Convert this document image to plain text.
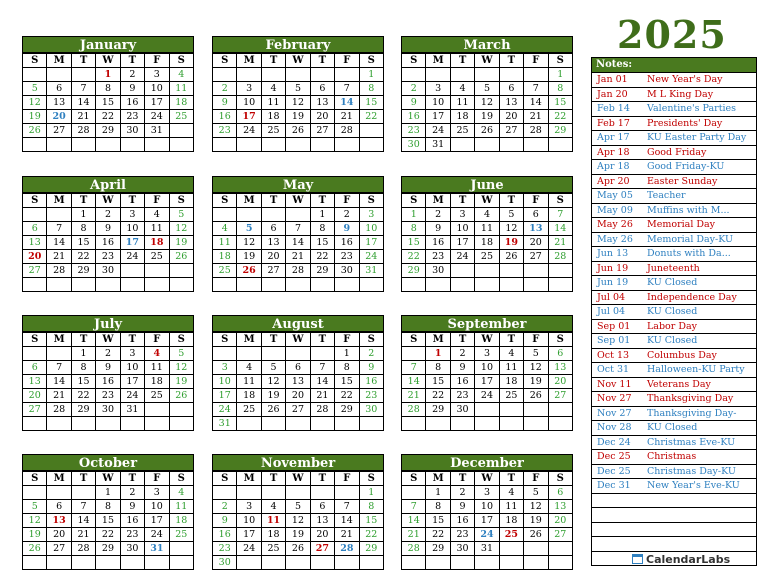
2025
January
S	M	T	W	T	F	S
			1	2	3	4
5	6	7	8	9	10	11
12	13	14	15	16	17	18
19	20	21	22	23	24	25
26	27	28	29	30	31	

February
S	M	T	W	T	F	S
						1
2	3	4	5	6	7	8
9	10	11	12	13	14	15
16	17	18	19	20	21	22
23	24	25	26	27	28	

March
S	M	T	W	T	F	S
						1
2	3	4	5	6	7	8
9	10	11	12	13	14	15
16	17	18	19	20	21	22
23	24	25	26	27	28	29
30	31					
April
S	M	T	W	T	F	S
		1	2	3	4	5
6	7	8	9	10	11	12
13	14	15	16	17	18	19
20	21	22	23	24	25	26
27	28	29	30			

May
S	M	T	W	T	F	S
				1	2	3
4	5	6	7	8	9	10
11	12	13	14	15	16	17
18	19	20	21	22	23	24
25	26	27	28	29	30	31

June
S	M	T	W	T	F	S
1	2	3	4	5	6	7
8	9	10	11	12	13	14
15	16	17	18	19	20	21
22	23	24	25	26	27	28
29	30					

July
S	M	T	W	T	F	S
		1	2	3	4	5
6	7	8	9	10	11	12
13	14	15	16	17	18	19
20	21	22	23	24	25	26
27	28	29	30	31		

August
S	M	T	W	T	F	S
					1	2
3	4	5	6	7	8	9
10	11	12	13	14	15	16
17	18	19	20	21	22	23
24	25	26	27	28	29	30
31						
September
S	M	T	W	T	F	S
	1	2	3	4	5	6
7	8	9	10	11	12	13
14	15	16	17	18	19	20
21	22	23	24	25	26	27
28	29	30				

October
S	M	T	W	T	F	S
			1	2	3	4
5	6	7	8	9	10	11
12	13	14	15	16	17	18
19	20	21	22	23	24	25
26	27	28	29	30	31	

November
S	M	T	W	T	F	S
						1
2	3	4	5	6	7	8
9	10	11	12	13	14	15
16	17	18	19	20	21	22
23	24	25	26	27	28	29
30						
December
S	M	T	W	T	F	S
	1	2	3	4	5	6
7	8	9	10	11	12	13
14	15	16	17	18	19	20
21	22	23	24	25	26	27
28	29	30	31			

Notes:
Jan 01 New Year's Day
Jan 20 M L King Day
Feb 14 Valentine's Parties
Feb 17 Presidents' Day
Apr 17 KU Easter Party Day
Apr 18 Good Friday
Apr 18 Good Friday-KU
Apr 20 Easter Sunday
May 05 Teacher
May 09 Muffins with M...
May 26 Memorial Day
May 26 Memorial Day-KU
Jun 13 Donuts with Da...
Jun 19 Juneteenth
Jun 19 KU Closed
Jul 04 Independence Day
Jul 04 KU Closed
Sep 01 Labor Day
Sep 01 KU Closed
Oct 13 Columbus Day
Oct 31 Halloween-KU Party
Nov 11 Veterans Day
Nov 27 Thanksgiving Day
Nov 27 Thanksgiving Day-
Nov 28 KU Closed
Dec 24 Christmas Eve-KU
Dec 25 Christmas
Dec 25 Christmas Day-KU
Dec 31 New Year's Eve-KU
CalendarLabs
